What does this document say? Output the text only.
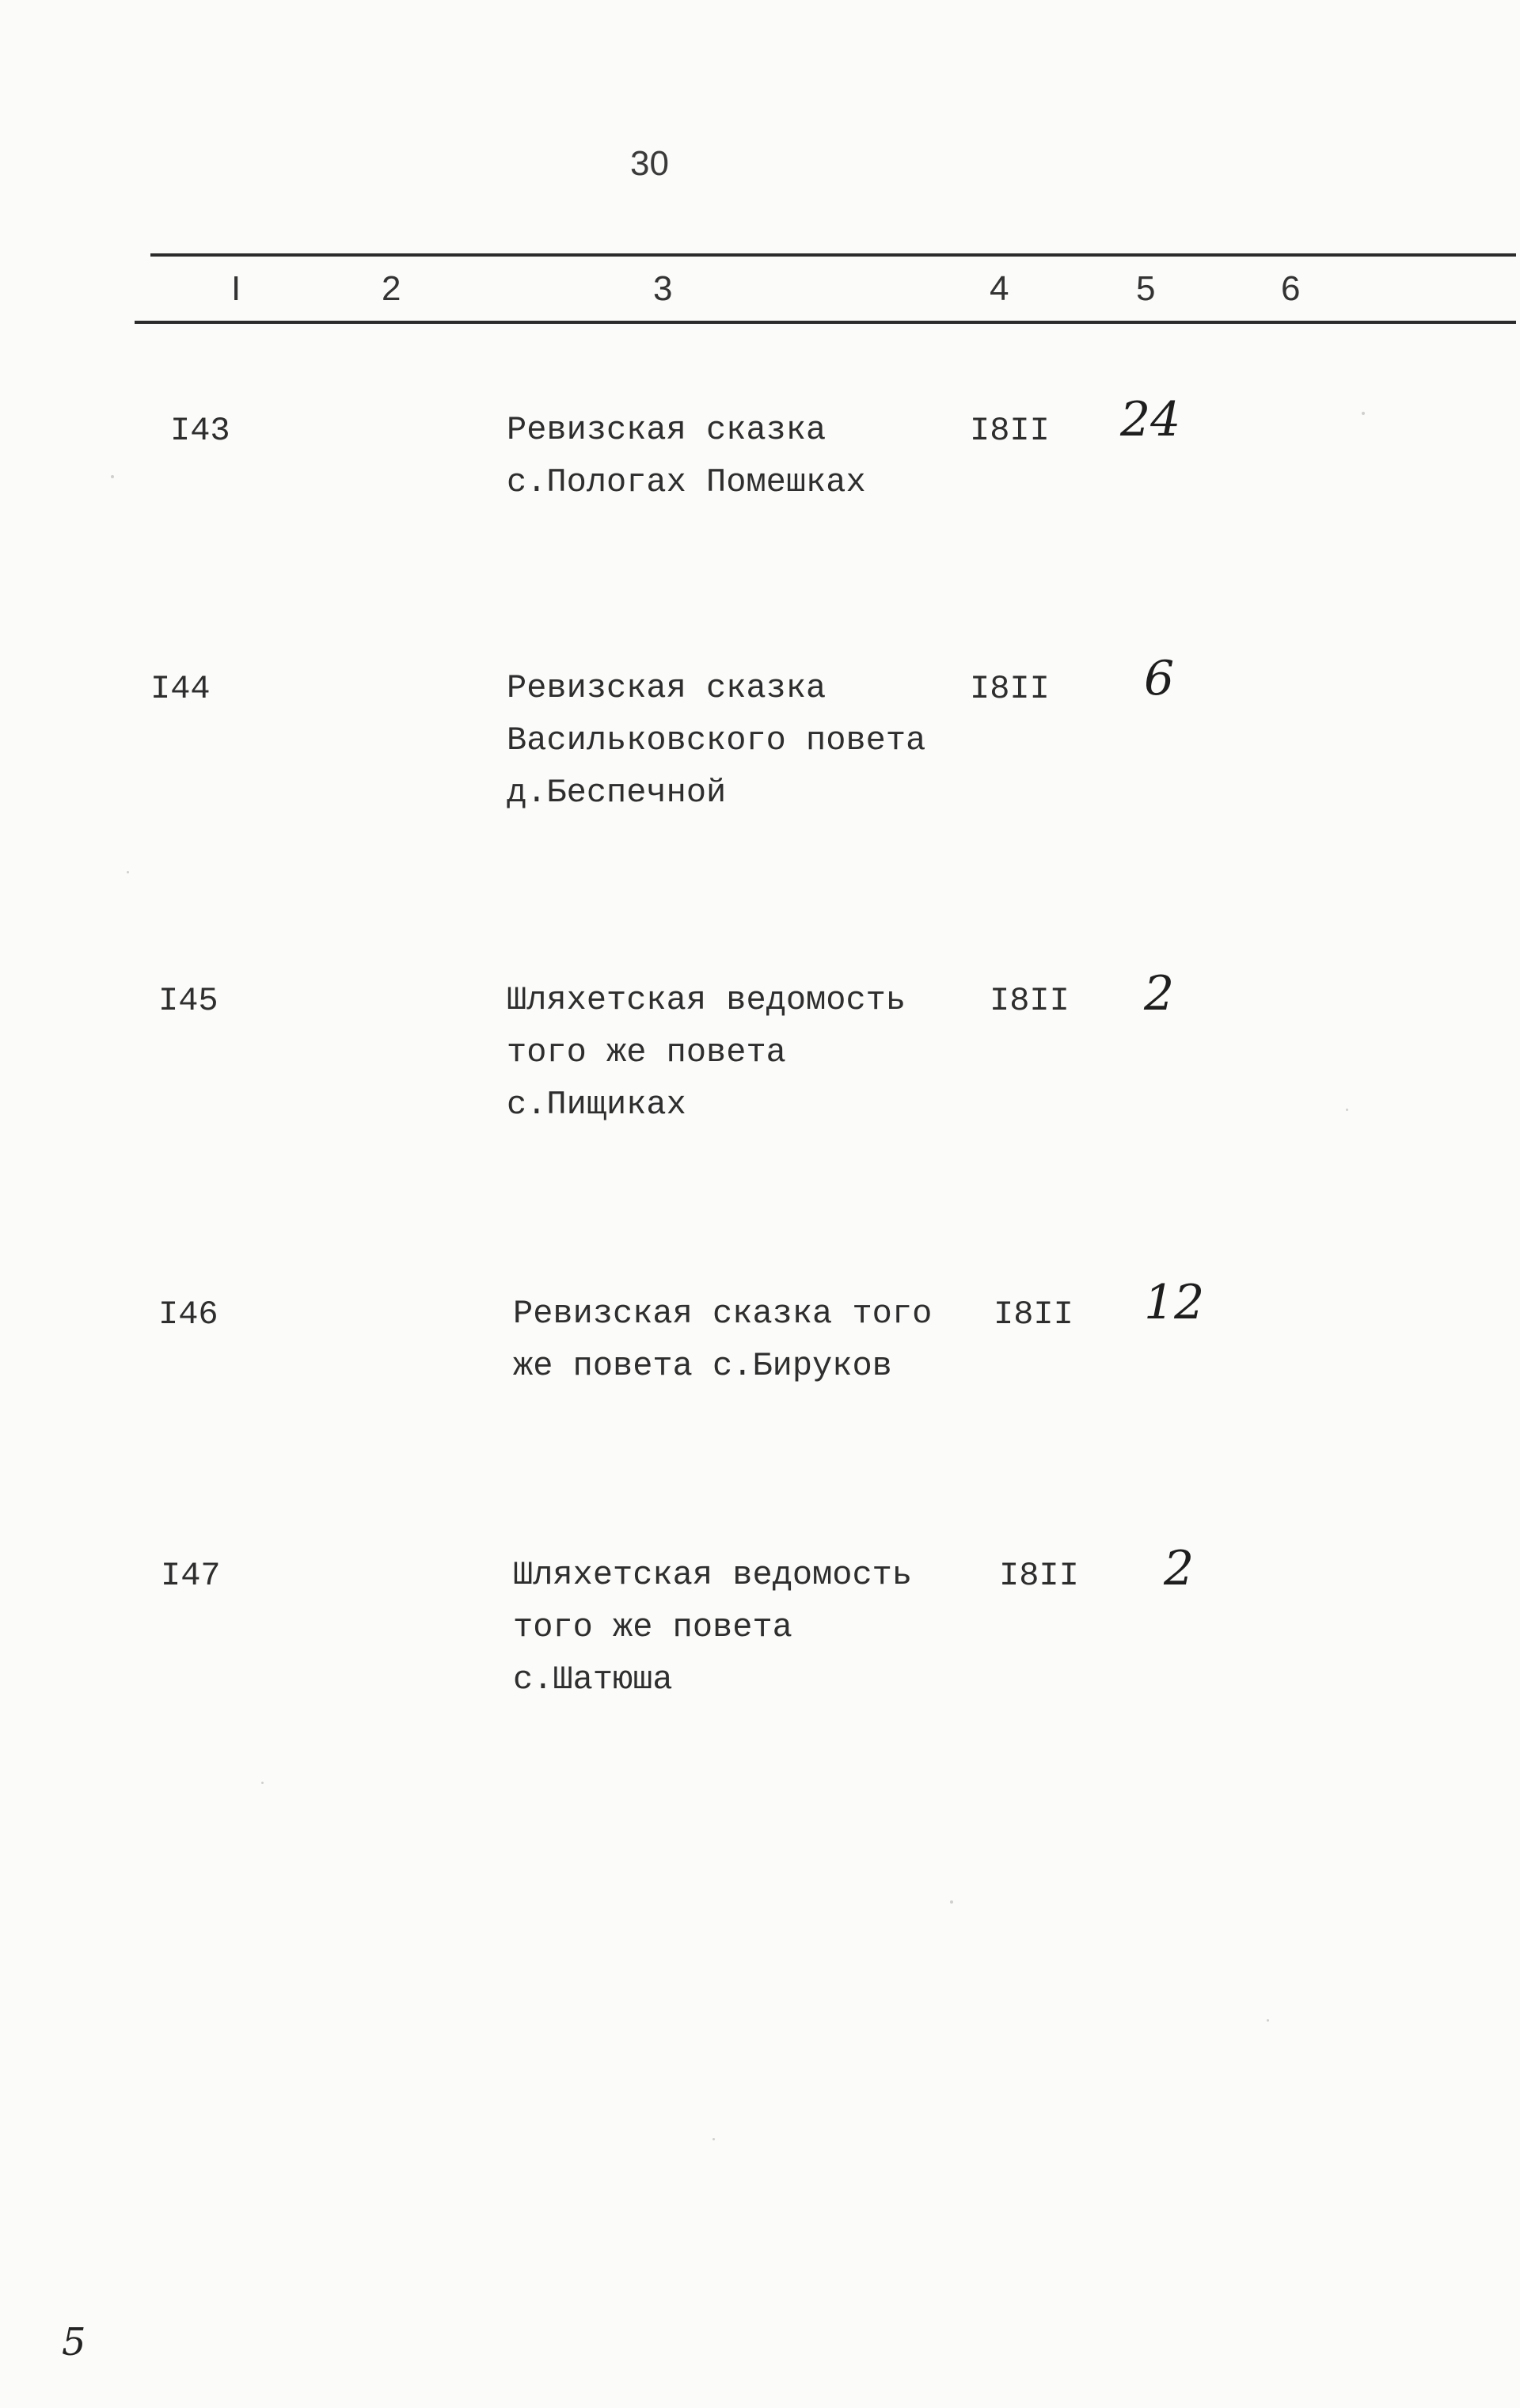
30
I	2	3	4	5	6
I43	Ревизская сказка
с.Пологах Помешках
I8II 24
I44	Ревизская сказка
Васильковского повета
д.Беспечной
I8II 6
I45	Шляхетская ведомость
того же повета
с.Пищиках
I8II 2
I46	Ревизская сказка того
же повета с.Бируков
I8II 12
I47	Шляхетская ведомость
того же повета
с.Шатюша
I8II 2
5
